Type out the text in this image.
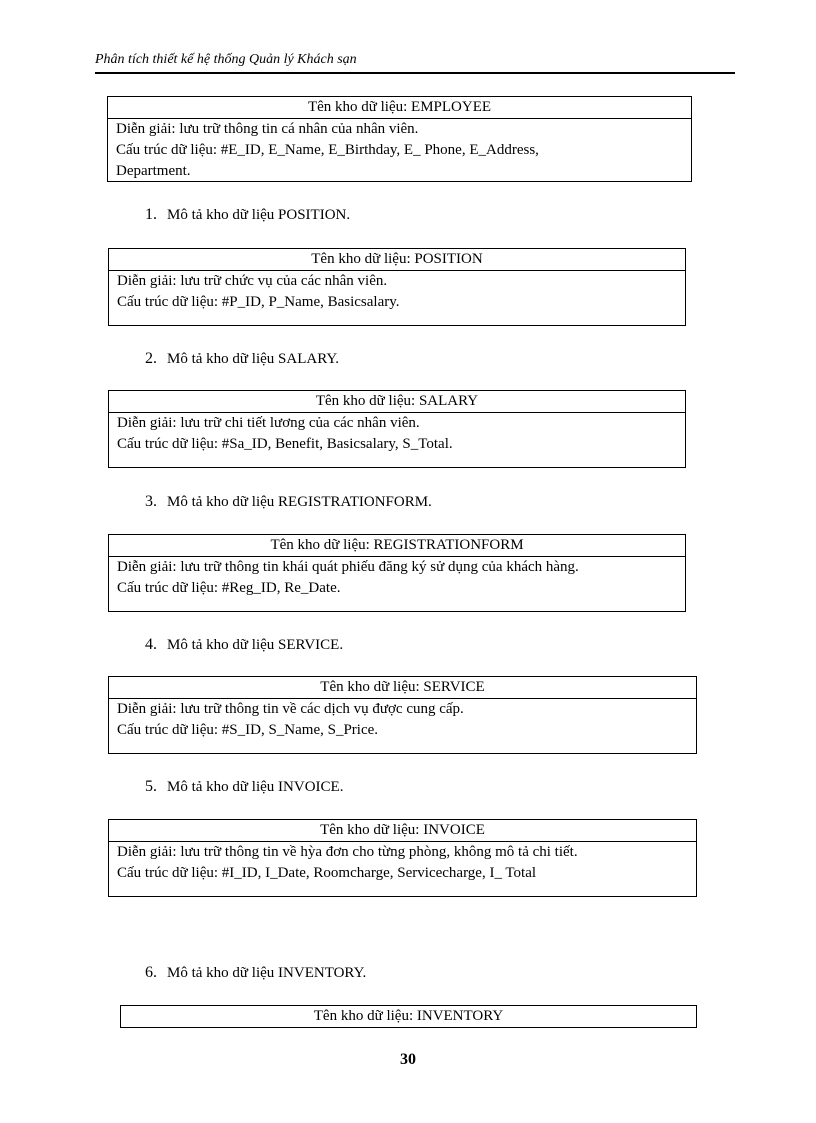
Phân tích thiết kế hệ thống Quản lý Khách sạn
Tên kho dữ liệu: EMPLOYEE
Diễn giải: lưu trữ thông tin cá nhân của nhân viên.
Cấu trúc dữ liệu: #E_ID, E_Name, E_Birthday, E_ Phone, E_Address,
Department.
1. Mô tả kho dữ liệu POSITION.
Tên kho dữ liệu: POSITION
Diễn giải: lưu trữ chức vụ của các nhân viên.
Cấu trúc dữ liệu: #P_ID, P_Name, Basicsalary.
2. Mô tả kho dữ liệu SALARY.
Tên kho dữ liệu: SALARY
Diễn giải: lưu trữ chi tiết lương của các nhân viên.
Cấu trúc dữ liệu: #Sa_ID, Benefit, Basicsalary, S_Total.
3. Mô tả kho dữ liệu REGISTRATIONFORM.
Tên kho dữ liệu: REGISTRATIONFORM
Diễn giải: lưu trữ thông tin khái quát phiếu đăng ký sử dụng của khách hàng.
Cấu trúc dữ liệu: #Reg_ID, Re_Date.
4. Mô tả kho dữ liệu SERVICE.
Tên kho dữ liệu: SERVICE
Diễn giải: lưu trữ thông tin về các dịch vụ được cung cấp.
Cấu trúc dữ liệu: #S_ID, S_Name, S_Price.
5. Mô tả kho dữ liệu INVOICE.
Tên kho dữ liệu: INVOICE
Diễn giải: lưu trữ thông tin về hỳa đơn cho từng phòng, không mô tả chi tiết.
Cấu trúc dữ liệu: #I_ID, I_Date, Roomcharge, Servicecharge, I_ Total
6. Mô tả kho dữ liệu INVENTORY.
Tên kho dữ liệu: INVENTORY
30
